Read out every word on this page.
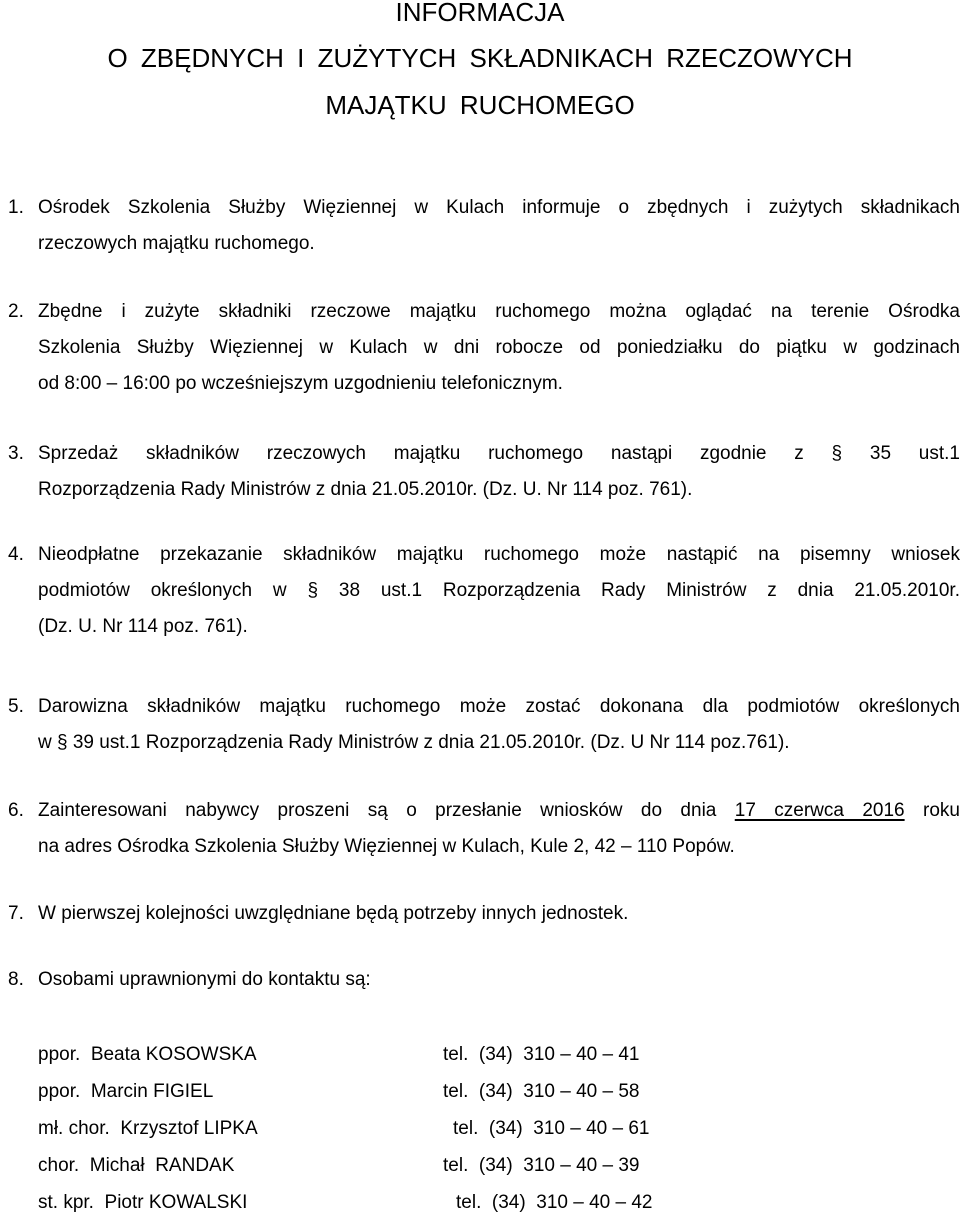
INFORMACJA
O ZBĘDNYCH I ZUŻYTYCH SKŁADNIKACH RZECZOWYCH
MAJĄTKU RUCHOMEGO
1. Ośrodek Szkolenia Służby Więziennej w Kulach informuje o zbędnych i zużytych składnikach
rzeczowych majątku ruchomego.
2. Zbędne i zużyte składniki rzeczowe majątku ruchomego można oglądać na terenie Ośrodka
Szkolenia Służby Więziennej w Kulach w dni robocze od poniedziałku do piątku w godzinach
od 8:00 – 16:00 po wcześniejszym uzgodnieniu telefonicznym.
3. Sprzedaż składników rzeczowych majątku ruchomego nastąpi zgodnie z § 35 ust.1
Rozporządzenia Rady Ministrów z dnia 21.05.2010r. (Dz. U. Nr 114 poz. 761).
4. Nieodpłatne przekazanie składników majątku ruchomego może nastąpić na pisemny wniosek
podmiotów określonych w § 38 ust.1 Rozporządzenia Rady Ministrów z dnia 21.05.2010r.
(Dz. U. Nr 114 poz. 761).
5. Darowizna składników majątku ruchomego może zostać dokonana dla podmiotów określonych
w § 39 ust.1 Rozporządzenia Rady Ministrów z dnia 21.05.2010r. (Dz. U Nr 114 poz.761).
6. Zainteresowani nabywcy proszeni są o przesłanie wniosków do dnia 17 czerwca 2016 roku
na adres Ośrodka Szkolenia Służby Więziennej w Kulach, Kule 2, 42 – 110 Popów.
7. W pierwszej kolejności uwzględniane będą potrzeby innych jednostek.
8. Osobami uprawnionymi do kontaktu są:
ppor.  Beata KOSOWSKA	tel.  (34)  310 – 40 – 41
ppor.  Marcin FIGIEL	tel.  (34)  310 – 40 – 58
mł. chor.  Krzysztof LIPKA	tel.  (34)  310 – 40 – 61
chor.  Michał  RANDAK	tel.  (34)  310 – 40 – 39
st. kpr.  Piotr KOWALSKI	tel.  (34)  310 – 40 – 42
